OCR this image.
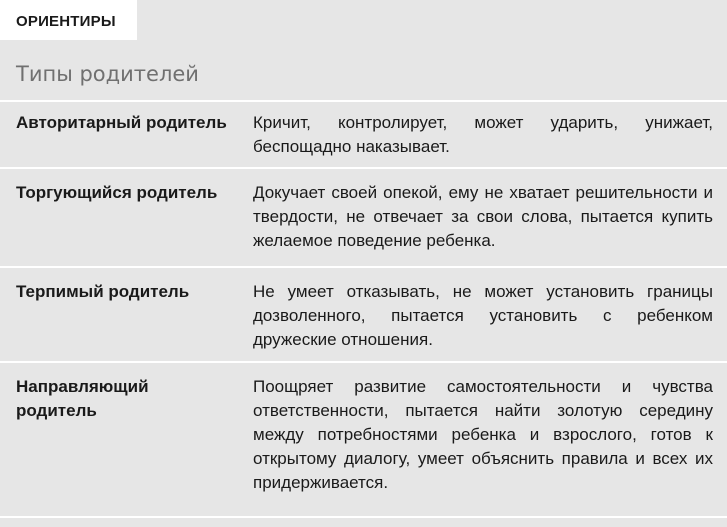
ОРИЕНТИРЫ
Типы родителей
Авторитарный родитель Кричит, контролирует, может ударить, унижает, беспощадно наказывает.
Торгующийся родитель	Докучает своей опекой, ему не хватает решительности и твердости, не отвечает за свои слова, пытается купить желаемое поведение ребенка.
Терпимый родитель	Не умеет отказывать, не может установить границы дозволенного, пытается установить с ребенком дружеские отношения.
Направляющий родитель
Поощряет развитие самостоятельности и чувства ответственности, пытается найти золотую середину между потребностями ребенка и взрослого, готов к открытому диалогу, умеет объяснить правила и всех их придерживается.
